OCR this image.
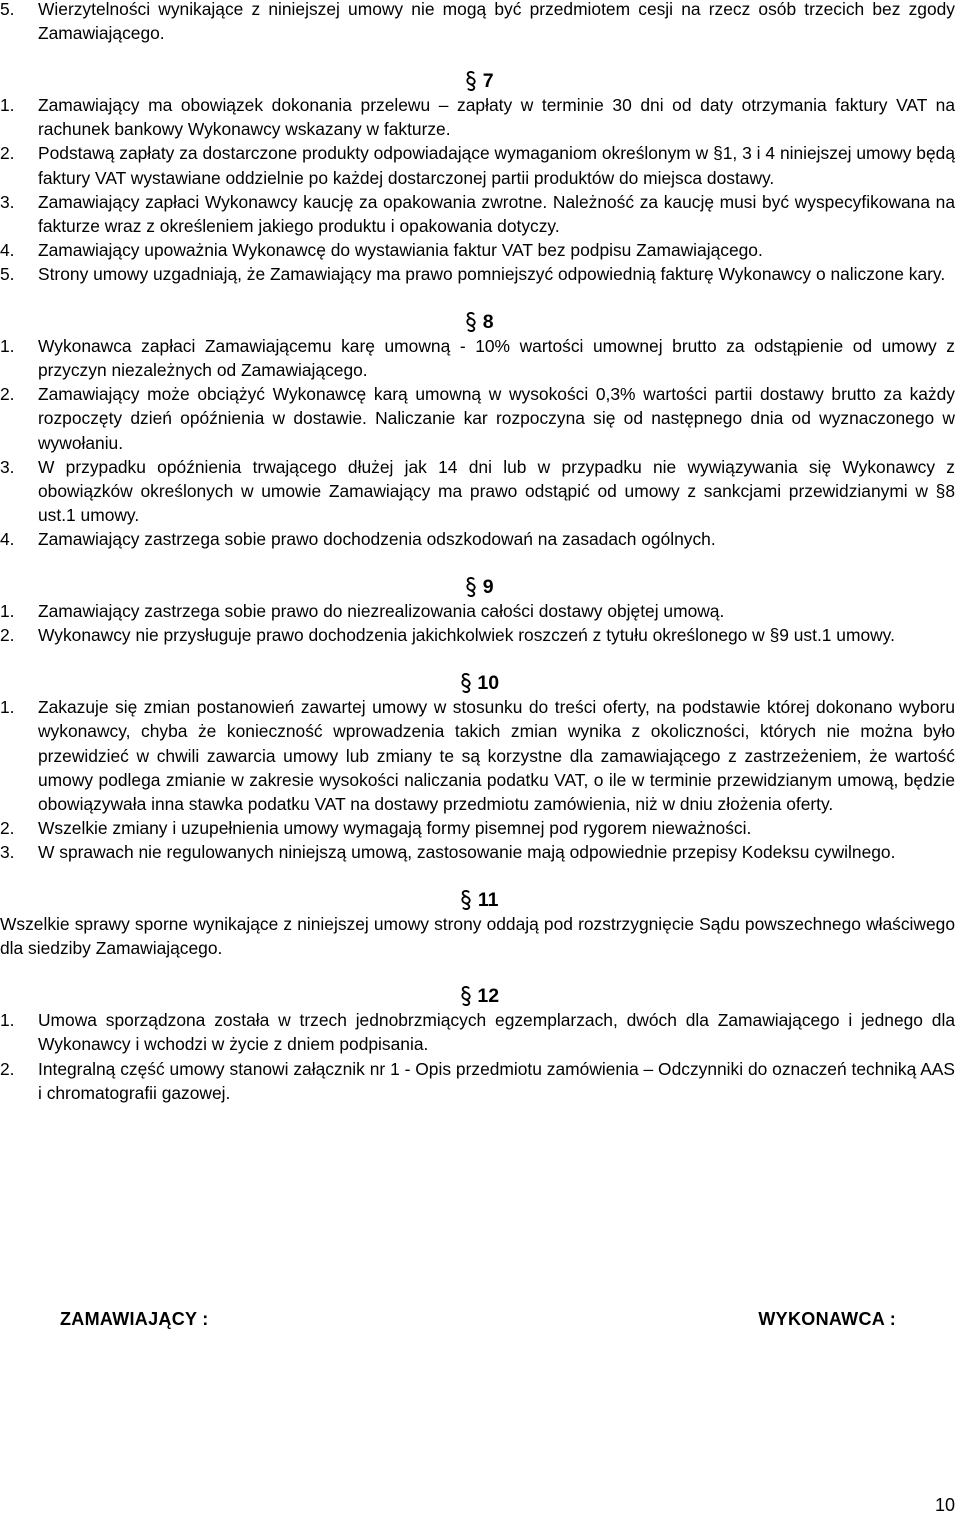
5.	Wierzytelności wynikające z niniejszej umowy nie mogą być przedmiotem cesji na rzecz osób trzecich bez zgody Zamawiającego.
7
1.	Zamawiający ma obowiązek dokonania przelewu – zapłaty w terminie 30 dni od daty otrzymania faktury VAT na rachunek bankowy Wykonawcy wskazany w fakturze.
2.	Podstawą zapłaty za dostarczone produkty odpowiadające wymaganiom określonym w §1, 3 i 4 niniejszej umowy będą faktury VAT wystawiane oddzielnie po każdej dostarczonej partii produktów do miejsca dostawy.
3.	Zamawiający zapłaci Wykonawcy kaucję za opakowania zwrotne. Należność za kaucję musi być wyspecyfikowana na fakturze wraz z określeniem jakiego produktu i opakowania dotyczy.
4.	Zamawiający upoważnia Wykonawcę do wystawiania faktur VAT bez podpisu Zamawiającego.
5.	Strony umowy uzgadniają, że Zamawiający ma prawo pomniejszyć odpowiednią fakturę Wykonawcy o naliczone kary.
8
1.	Wykonawca zapłaci Zamawiającemu karę umowną - 10% wartości umownej brutto za odstąpienie od umowy z przyczyn niezależnych od Zamawiającego.
2.	Zamawiający może obciążyć Wykonawcę karą umowną w wysokości 0,3% wartości partii dostawy brutto za każdy rozpoczęty dzień opóźnienia w dostawie. Naliczanie kar rozpoczyna się od następnego dnia od wyznaczonego w wywołaniu.
3.	W przypadku opóźnienia trwającego dłużej jak 14 dni lub w przypadku nie wywiązywania się Wykonawcy z obowiązków określonych w umowie Zamawiający ma prawo odstąpić od umowy z sankcjami przewidzianymi w §8 ust.1 umowy.
4.	Zamawiający zastrzega sobie prawo dochodzenia odszkodowań na zasadach ogólnych.
9
1.	Zamawiający zastrzega sobie prawo do niezrealizowania całości dostawy objętej umową.
2.	Wykonawcy nie przysługuje prawo dochodzenia jakichkolwiek roszczeń z tytułu określonego w §9 ust.1 umowy.
10
1.	Zakazuje się zmian postanowień zawartej umowy w stosunku do treści oferty, na podstawie której dokonano wyboru wykonawcy, chyba że konieczność wprowadzenia takich zmian wynika z okoliczności, których nie można było przewidzieć w chwili zawarcia umowy lub zmiany te są korzystne dla zamawiającego z zastrzeżeniem, że wartość umowy podlega zmianie w zakresie wysokości naliczania podatku VAT, o ile w terminie przewidzianym umową, będzie obowiązywała inna stawka podatku VAT na dostawy przedmiotu zamówienia, niż w dniu złożenia oferty.
2.	Wszelkie zmiany i uzupełnienia umowy wymagają formy pisemnej pod rygorem nieważności.
3.	W sprawach nie regulowanych niniejszą umową, zastosowanie mają odpowiednie przepisy Kodeksu cywilnego.
11
Wszelkie sprawy sporne wynikające z niniejszej umowy strony oddają pod rozstrzygnięcie Sądu powszechnego właściwego dla siedziby Zamawiającego.
12
1.	Umowa sporządzona została w trzech jednobrzmiących egzemplarzach, dwóch dla Zamawiającego i jednego dla Wykonawcy i wchodzi w życie z dniem podpisania.
2.	Integralną część umowy stanowi załącznik nr 1 - Opis przedmiotu zamówienia – Odczynniki do oznaczeń techniką AAS i chromatografii gazowej.
ZAMAWIAJĄCY :	WYKONAWCA :
10
